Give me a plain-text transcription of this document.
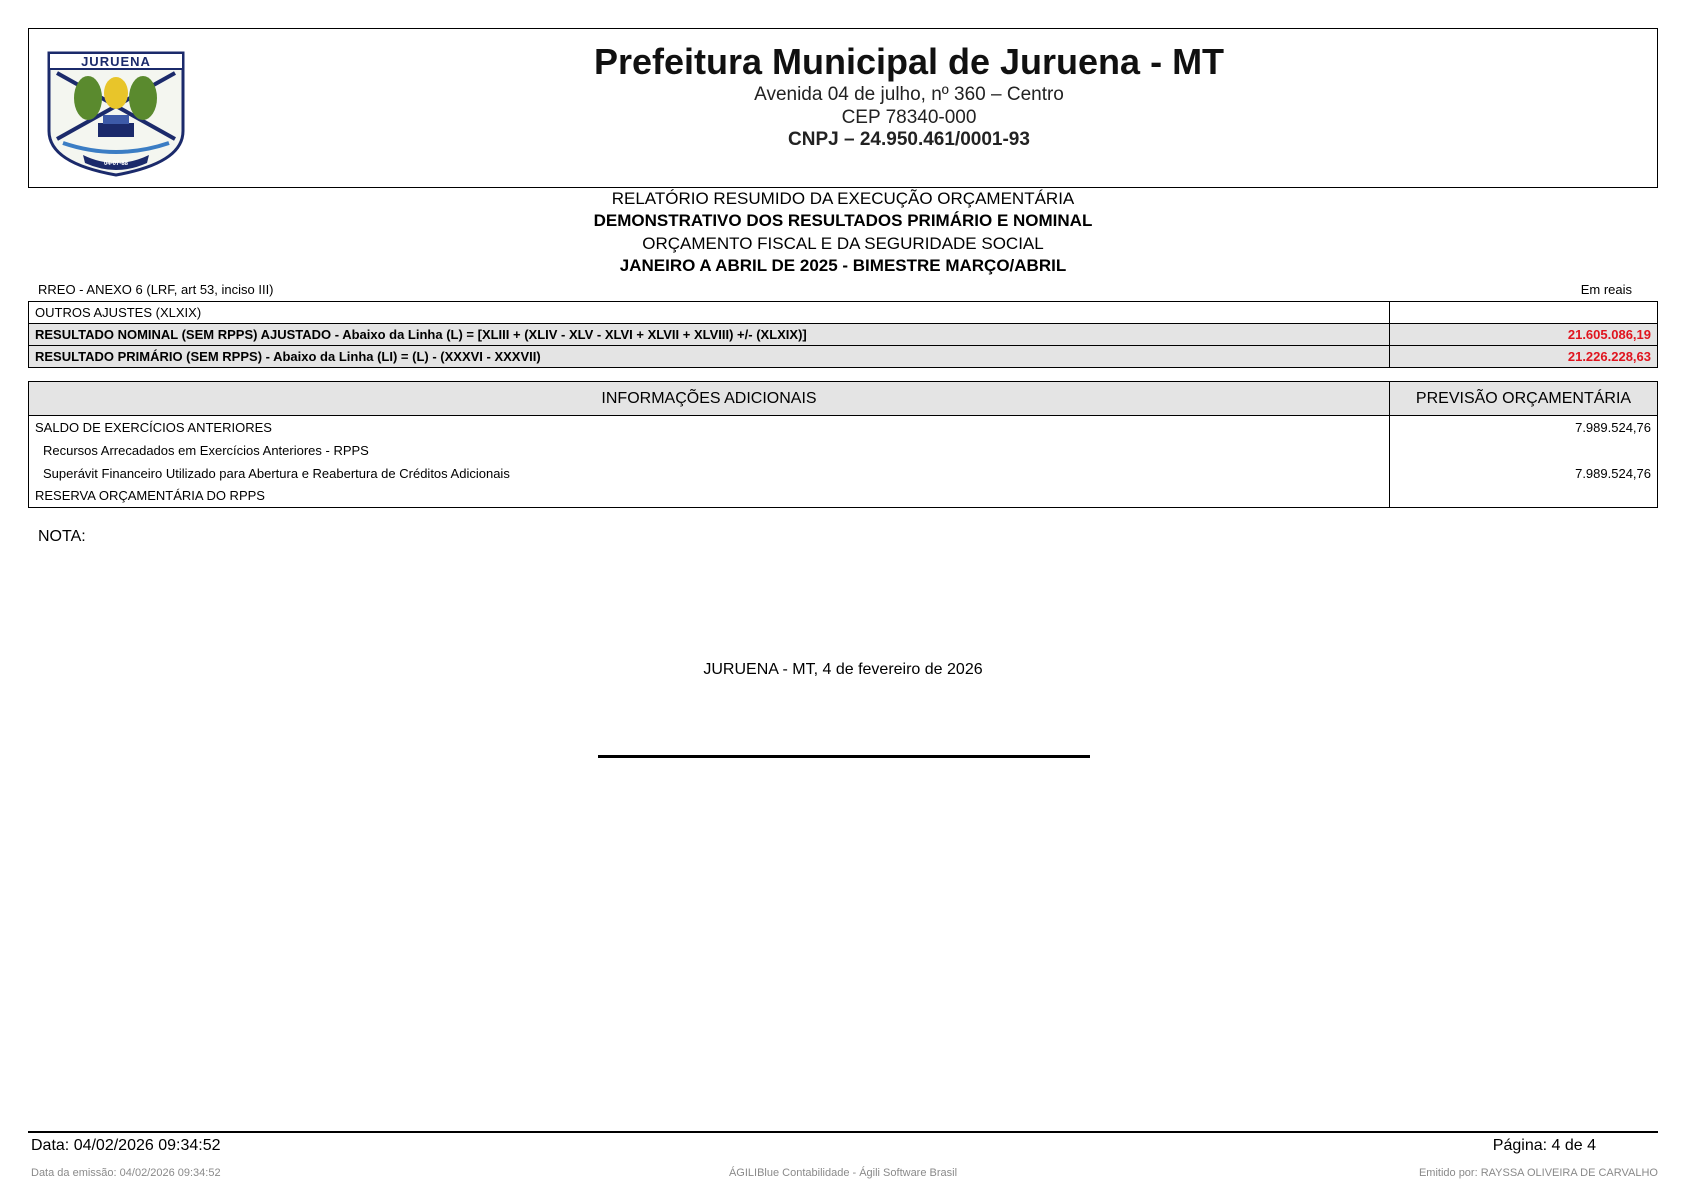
JURUENA
04-07-88
Prefeitura Municipal de Juruena - MT
Avenida 04 de julho, nº 360 – Centro
CEP 78340-000
CNPJ – 24.950.461/0001-93
RELATÓRIO RESUMIDO DA EXECUÇÃO ORÇAMENTÁRIA
DEMONSTRATIVO DOS RESULTADOS PRIMÁRIO E NOMINAL
ORÇAMENTO FISCAL E DA SEGURIDADE SOCIAL
JANEIRO A ABRIL DE 2025 - BIMESTRE MARÇO/ABRIL
RREO - ANEXO 6 (LRF, art 53, inciso III)	Em reais
OUTROS AJUSTES (XLXIX)	
RESULTADO NOMINAL (SEM RPPS) AJUSTADO - Abaixo da Linha (L) = [XLIII + (XLIV - XLV - XLVI + XLVII + XLVIII) +/- (XLXIX)]	21.605.086,19
RESULTADO PRIMÁRIO (SEM RPPS) - Abaixo da Linha (LI) = (L) - (XXXVI - XXXVII)	21.226.228,63
INFORMAÇÕES ADICIONAIS	PREVISÃO ORÇAMENTÁRIA
SALDO DE EXERCÍCIOS ANTERIORES	7.989.524,76
Recursos Arrecadados em Exercícios Anteriores - RPPS	
Superávit Financeiro Utilizado para Abertura e Reabertura de Créditos Adicionais	7.989.524,76
RESERVA ORÇAMENTÁRIA DO RPPS	
NOTA:
JURUENA - MT, 4 de fevereiro de 2026
Data: 04/02/2026 09:34:52	Página: 4 de 4
Data da emissão: 04/02/2026 09:34:52	ÁGILIBlue Contabilidade - Ágili Software Brasil	Emitido por: RAYSSA OLIVEIRA DE CARVALHO
